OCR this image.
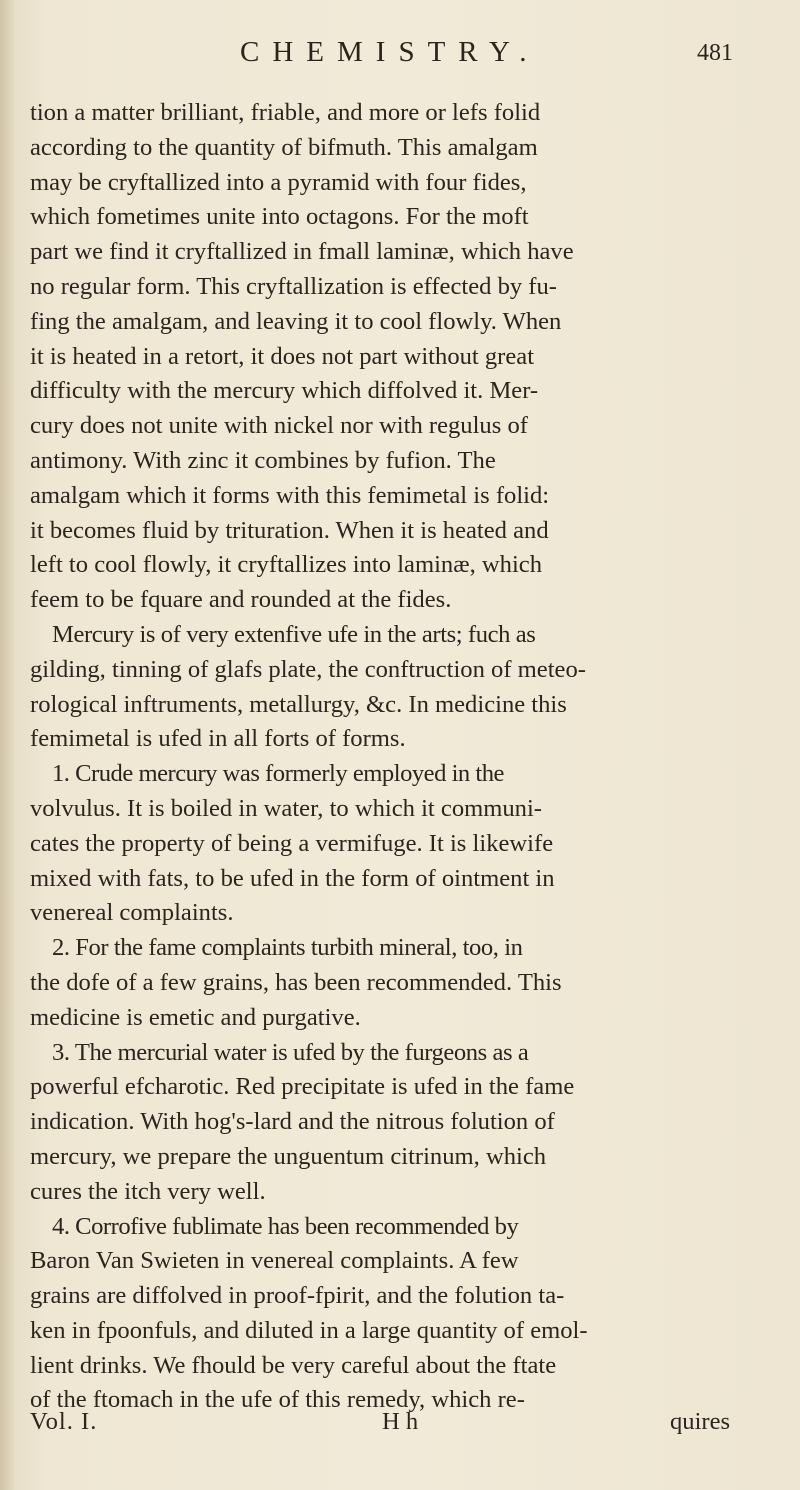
CHEMISTRY.	481
tion a matter brilliant, friable, and more or lefs folid
according to the quantity of bifmuth. This amalgam
may be cryftallized into a pyramid with four fides,
which fometimes unite into octagons. For the moft
part we find it cryftallized in fmall laminæ, which have
no regular form. This cryftallization is effected by fu-
fing the amalgam, and leaving it to cool flowly. When
it is heated in a retort, it does not part without great
difficulty with the mercury which diffolved it. Mer-
cury does not unite with nickel nor with regulus of
antimony. With zinc it combines by fufion. The
amalgam which it forms with this femimetal is folid:
it becomes fluid by trituration. When it is heated and
left to cool flowly, it cryftallizes into laminæ, which
feem to be fquare and rounded at the fides.
Mercury is of very extenfive ufe in the arts; fuch as
gilding, tinning of glafs plate, the conftruction of meteo-
rological inftruments, metallurgy, &c. In medicine this
femimetal is ufed in all forts of forms.
1. Crude mercury was formerly employed in the
volvulus. It is boiled in water, to which it communi-
cates the property of being a vermifuge. It is likewife
mixed with fats, to be ufed in the form of ointment in
venereal complaints.
2. For the fame complaints turbith mineral, too, in
the dofe of a few grains, has been recommended. This
medicine is emetic and purgative.
3. The mercurial water is ufed by the furgeons as a
powerful efcharotic. Red precipitate is ufed in the fame
indication. With hog's-lard and the nitrous folution of
mercury, we prepare the unguentum citrinum, which
cures the itch very well.
4. Corrofive fublimate has been recommended by
Baron Van Swieten in venereal complaints. A few
grains are diffolved in proof-fpirit, and the folution ta-
ken in fpoonfuls, and diluted in a large quantity of emol-
lient drinks. We fhould be very careful about the ftate
of the ftomach in the ufe of this remedy, which re-
Vol. I.	H h	quires
